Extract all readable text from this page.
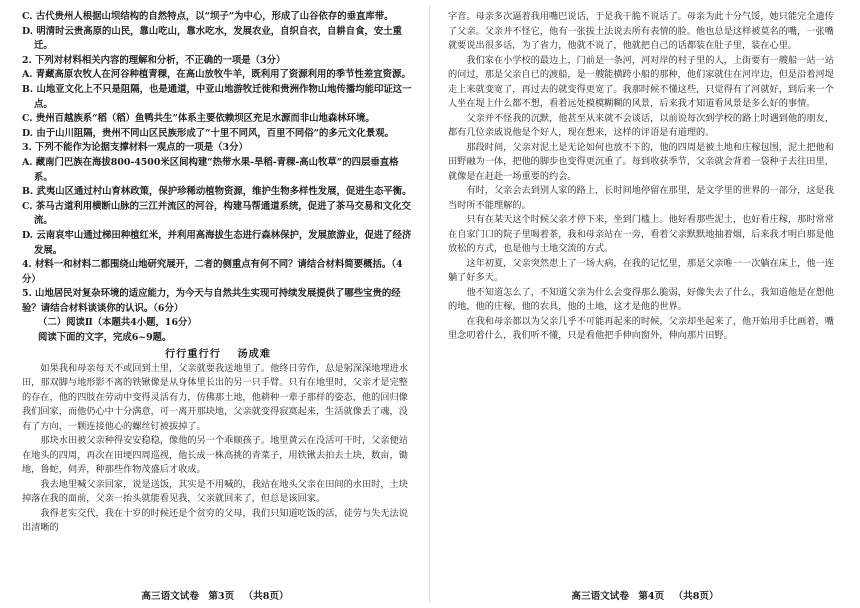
C. 古代贵州人根据山坝结构的自然特点，以“坝子”为中心，形成了山谷依存的垂直库带。

D. 明清时云贵高原的山民，靠山吃山，靠水吃水，发展农业，自织自衣，自耕自食，安土重迁。

2. 下列对材料相关内容的理解和分析，不正确的一项是（3分）

A. 青藏高原农牧人在河谷种植青稞，在高山放牧牛羊，既利用了资源利用的季节性差宜资源。

B. 山地亚文化上不只是阻隔，也是通道，中亚山地游牧迁徙和贵洲作物山地传播均能印证这一点。

C. 贵州百越族系“稻（稻）鱼鸭共生”体系主要依赖坝区充足水源而非山地森林环境。

D. 由于山川阻隔，贵州不同山区民族形成了“十里不同风，百里不同俗”的多元文化景观。

3. 下列不能作为论据支撑材料一观点的一项是（3分）

A. 藏南门巴族在海拔800-4500米区间构建“热带水果-旱稻-青稞-高山牧草”的四层垂直格系。

B. 武夷山区通过村山育林政策，保护珍稀动植物资源，维护生物多样性发展，促进生态平衡。

C. 茶马古道利用横断山脉的三江并流区的河谷，构建马帮通道系统，促进了茶马交易和文化交流。

D. 云南哀牢山通过梯田种植红米，并利用高海拔生态进行森林保护，发展旅游业，促进了经济发展。

4. 材料一和材料二都围绕山地研究展开，二者的侧重点有何不同？请结合材料简要概括。（4分）

5. 山地居民对复杂环境的适应能力，为今天与自然共生实现可持续发展提供了哪些宝贵的经验？请结合材料谈谈你的认识。（6分）

（二）阅读Ⅱ（本题共4小题，16分）

阅读下面的文字，完成6~9题。

行行重行行 汤成难

如果我和母亲每天不或回到土里，父亲就要我送地里了。他终日劳作，总是躬深深地埋进水田，那双脚与地形影不离的铁锹像是从身体里长出的另一只手臂。只有在地里时，父亲才是完整的存在，他的四肢在劳动中变得灵活有力，仿佛那土地，他耕种一辈子那样的姿态，他的回归像我们回家，而他仍心中十分满意，可一离开那块地，父亲就变得寂寞起来，生活就像丢了魂，没有了方向，一颗连接他心的螺丝钉被拔掉了。

那块水田被父亲种得安安稳稳，像他的另一个乖顺孩子。地里黄云在没活可干时，父亲便站在地头的四周，再次在田埂四周巡视，他长成一株高挑的青菜子，用铁锹去拍去土块，数亩，锄地，鲁蛇，伺弄，种那些作物茂盛后才收成。

我去地里喊父亲回家，说是送饭，其实是不用喊的，我站在地头父亲在田间的水田时，土块掉落在我的面前，父亲一抬头就能看见我，父亲就回来了，但总是该回家。

我得老实交代，我在十岁的时候还是个贫穷的父母，我们只知道吃饭的活，徒劳与失无法说出清晰的

高三语文试卷 第3页 （共8页）

字音。母亲多次逼着我用嘴巴说话，于是我干脆不说话了。母亲为此十分气馁，她只能完全遗传了父亲。父亲并不怪它，他有一张拔土法说去所有表情的脸。他也总是这样被莫名的嘴，一张嘴就要说出很多话，为了省力，他就不说了，他就把自己的话都装在肚子里，装在心里。

我们家在小学校的最边上，门前是一条河，河对岸的村子里的人，上街要有一艘船一站一站的问过，那是父亲自已的渡船，是一艘能横跨小船的那种，他们家就住在河岸边，但是沿着河堤走上来就变宽了，再过去的就变得更宽了。我那时候不懂这些，只觉得有了河就好，到后来一个人坐在堤上什么都不想，看着远处模模糊糊的风景，后来我才知道看风景是多么好的事情。

父亲并不怪我的沉默，他甚至从来就不会谈话，以前说每次到学校的路上时遇到他的朋友，都有几位亲戚说他是个好人，现在想来，这样的评语是有道理的。

那段时间，父亲对泥土是无论如何也放不下的，他的四周是被土地和庄稼包围，泥土把他和田野融为一体，把他的脚步也变得更沉重了。每到收获季节，父亲就会背着一袋种子去往田里，就像是在赶赴一场重要的约会。

有时，父亲会去到别人家的路上，长时间地停留在那里，是文学里的世界的一部分，这是我当时所不能理解的。

只有在某天这个时候父亲才停下来，坐到门槛上。他好看那些泥土，也好看庄稼，那时常常在自家门口的院子里喝着茶，我和母亲站在一旁，看着父亲默默地抽着烟，后来我才明白那是他放松的方式，也是他与土地交流的方式。

这年初夏，父亲突然患上了一场大病，在我的记忆里，那是父亲唯一一次躺在床上，他一连躺了好多天。

他不知道怎么了，不知道父亲为什么会变得那么脆弱，好像失去了什么，我知道他是在想他的地，他的庄稼，他的农具，他的土地，这才是他的世界。

在我和母亲都以为父亲几乎不可能再起来的时候，父亲却坐起来了，他开始用手比画着，嘴里念叨着什么，我们听不懂，只是看他把手伸向窗外，伸向那片田野。

高三语文试卷 第4页 （共8页）
